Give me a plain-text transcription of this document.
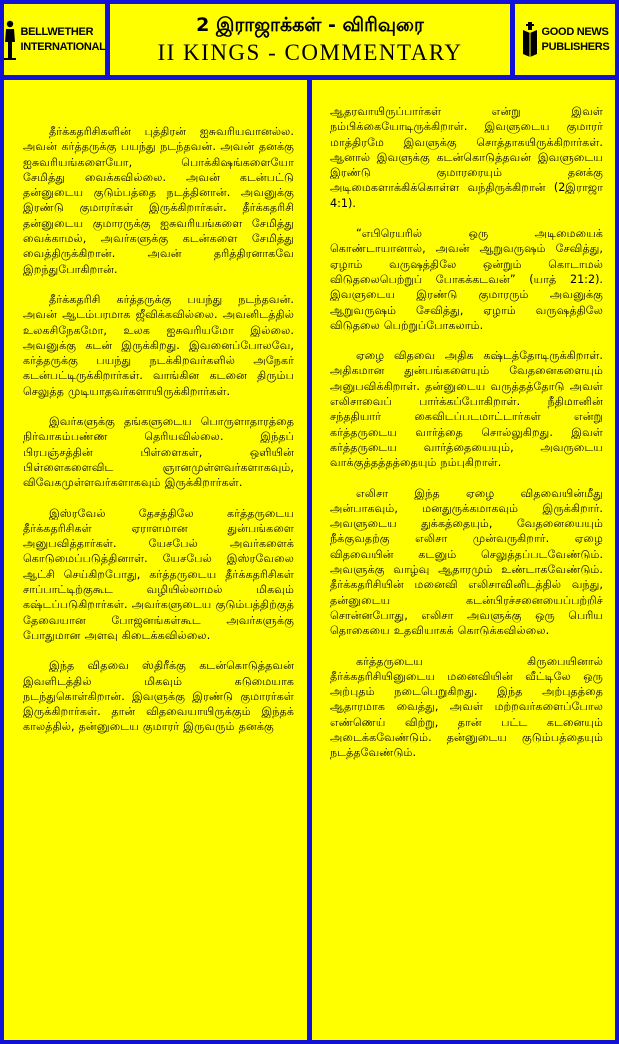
BELLWETHER
INTERNATIONAL
2 இராஜாக்கள் - விரிவுரை
II KINGS - COMMENTARY
GOOD NEWS
PUBLISHERS

தீர்க்கதரிசிகளின் புத்திரன் ஐசுவரியவானல்ல. அவன் கர்த்தருக்கு பயந்து நடந்தவன். அவன் தனக்கு ஐசுவரியங்களையோ, பொக்கிஷங்களையோ சேமித்து வைக்கவில்லை. அவன் கடன்பட்டு தன்னுடைய குடும்பத்தை நடத்தினான். அவனுக்கு இரண்டு குமாரர்கள் இருக்கிறார்கள். தீர்க்கதரிசி தன்னுடைய குமாரருக்கு ஐசுவரியங்களை சேமித்து வைக்காமல், அவர்களுக்கு கடன்களை சேமித்து வைத்திருக்கிறான். அவன் தரித்திரனாகவே இறந்துபோகிறான்.

தீர்க்கதரிசி கர்த்தருக்கு பயந்து நடந்தவன். அவன் ஆடம்பரமாக ஜீவிக்கவில்லை. அவனிடத்தில் உலகசிநேகமோ, உலக ஐசுவரியமோ இல்லை. அவனுக்கு கடன் இருக்கிறது. இவனைப்போலவே, கர்த்தருக்கு பயந்து நடக்கிறவர்களில் அநேகர் கடன்பட்டிருக்கிறார்கள். வாங்கின கடனை திரும்ப செலுத்த முடியாதவர்களாயிருக்கிறார்கள்.

இவர்களுக்கு தங்களுடைய பொருளாதாரத்தை நிர்வாகம்பண்ண தெரியவில்லை. இந்தப் பிரபஞ்சத்தின் பிள்ளைகள், ஒளியின் பிள்ளைகளைவிட ஞானமுள்ளவர்களாகவும், விவேகமுள்ளவர்களாகவும் இருக்கிறார்கள்.

இஸ்ரவேல் தேசத்திலே கர்த்தருடைய தீர்க்கதரிசிகள் ஏராளமான துன்பங்களை அனுபவித்தார்கள். யேசபேல் அவர்களைக் கொடுமைப்படுத்தினாள். யேசபேல் இஸ்ரவேலை ஆட்சி செய்கிறபோது, கர்த்தருடைய தீர்க்கதரிசிகள் சாப்பாட்டிற்குகூட வழியில்லாமல் மிகவும் கஷ்டப்படுகிறார்கள். அவர்களுடைய குடும்பத்திற்குத் தேவையான போஜனங்கள்கூட அவர்களுக்கு போதுமான அளவு கிடைக்கவில்லை.

இந்த விதவை ஸ்திரீக்கு கடன்கொடுத்தவன் இவளிடத்தில் மிகவும் கடுமையாக நடந்துகொள்கிறான். இவளுக்கு இரண்டு குமாரர்கள் இருக்கிறார்கள். தான் விதவையாயிருக்கும் இந்தக் காலத்தில், தன்னுடைய குமாரர் இருவரும் தனக்கு

ஆதரவாயிருப்பார்கள் என்று இவள் நம்பிக்கையோடிருக்கிறாள். இவளுடைய குமாரர் மாத்திரமே இவளுக்கு சொத்தாகயிருக்கிறார்கள். ஆனால் இவளுக்கு கடன்கொடுத்தவன் இவளுடைய இரண்டு குமாரரையும் தனக்கு அடிமைகளாக்கிக்கொள்ள வந்திருக்கிறான் (2இராஜா 4:1).

“எபிரெயரில் ஒரு அடிமையைக் கொண்டாயானால், அவன் ஆறுவருஷம் சேவித்து, ஏழாம் வருஷத்திலே ஒன்றும் கொடாமல் விடுதலைபெற்றுப் போகக்கடவன்” (யாத் 21:2). இவளுடைய இரண்டு குமாரரும் அவனுக்கு ஆறுவருஷம் சேவித்து, ஏழாம் வருஷத்திலே விடுதலை பெற்றுப்போகலாம்.

ஏழை விதவை அதிக கஷ்டத்தோடிருக்கிறாள். அதிகமான துன்பங்களையும் வேதனைகளையும் அனுபவிக்கிறாள். தன்னுடைய வருத்தத்தோடு அவள் எலிசாவைப் பார்க்கப்போகிறாள். நீதிமானின் சந்ததியார் கைவிடப்படமாட்டார்கள் என்று கர்த்தருடைய வார்த்தை சொல்லுகிறது. இவள் கர்த்தருடைய வார்த்தையையும், அவருடைய வாக்குத்தத்தத்தையும் நம்புகிறாள்.

எலிசா இந்த ஏழை விதவையின்மீது அன்பாகவும், மனதுருக்கமாகவும் இருக்கிறார். அவளுடைய துக்கத்தையும், வேதனையையும் நீக்குவதற்கு எலிசா முன்வருகிறார். ஏழை விதவையின் கடனும் செலுத்தப்படவேண்டும். அவளுக்கு வாழ்வு ஆதாரமும் உண்டாகவேண்டும். தீர்க்கதரிசியின் மனைவி எலிசாவினிடத்தில் வந்து, தன்னுடைய கடன்பிரச்சனையைப்பற்றிச் சொன்னபோது, எலிசா அவளுக்கு ஒரு பெரிய தொகையை உதவியாகக் கொடுக்கவில்லை.

கர்த்தருடைய கிருபையினால் தீர்க்கதரிசியினுடைய மனைவியின் வீட்டிலே ஒரு அற்புதம் நடைபெறுகிறது. இந்த அற்புதத்தை ஆதாரமாக வைத்து, அவள் மற்றவர்களைப்போல எண்ணெய் விற்று, தான் பட்ட கடனையும் அடைக்கவேண்டும். தன்னுடைய குடும்பத்தையும் நடத்தவேண்டும்.
